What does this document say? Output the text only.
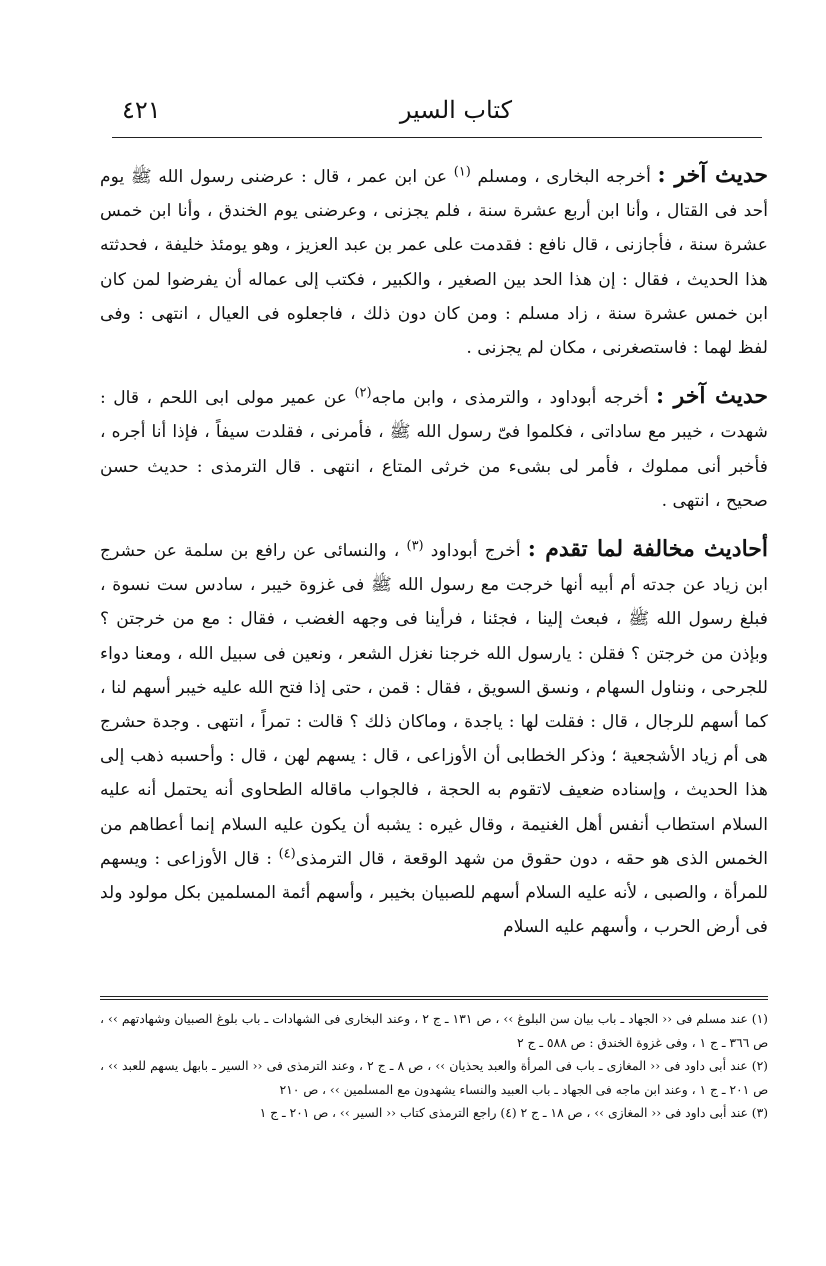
كتاب السير
٤٢١

حديث آخر : أخرجه البخارى ، ومسلم $^{(١)}$ عن ابن عمر ، قال : عرضنى رسول الله ﷺ يوم أحد فى القتال ، وأنا ابن أربع عشرة سنة ، فلم يجزنى ، وعرضنى يوم الخندق ، وأنا ابن خمس عشرة سنة ، فأجازنى ، قال نافع : فقدمت على عمر بن عبد العزيز ، وهو يومئذ خليفة ، فحدثته هذا الحديث ، فقال : إن هذا الحد بين الصغير ، والكبير ، فكتب إلى عماله أن يفرضوا لمن كان ابن خمس عشرة سنة ، زاد مسلم : ومن كان دون ذلك ، فاجعلوه فى العيال ، انتهى : وفى لفظ لهما : فاستصغرنى ، مكان لم يجزنى .

حديث آخر : أخرجه أبوداود ، والترمذى ، وابن ماجه$^{(٢)}$ عن عمير مولى ابى اللحم ، قال : شهدت ، خيبر مع ساداتى ، فكلموا فىّ رسول الله ﷺ ، فأمرنى ، فقلدت سيفاً ، فإذا أنا أجره ، فأخبر أنى مملوك ، فأمر لى بشىء من خرثى المتاع ، انتهى . قال الترمذى : حديث حسن صحيح ، انتهى .

أحاديث مخالفة لما تقدم : أخرج أبوداود $^{(٣)}$ ، والنسائى عن رافع بن سلمة عن حشرج ابن زياد عن جدته أم أبيه أنها خرجت مع رسول الله ﷺ فى غزوة خيبر ، سادس ست نسوة ، فبلغ رسول الله ﷺ ، فبعث إلينا ، فجئنا ، فرأينا فى وجهه الغضب ، فقال : مع من خرجتن ؟ وبإذن من خرجتن ؟ فقلن : يارسول الله خرجنا نغزل الشعر ، ونعين فى سبيل الله ، ومعنا دواء للجرحى ، ونناول السهام ، ونسق السويق ، فقال : قمن ، حتى إذا فتح الله عليه خيبر أسهم لنا ، كما أسهم للرجال ، قال : فقلت لها : ياجدة ، وماكان ذلك ؟ قالت : تمراً ، انتهى . وجدة حشرج هى أم زياد الأشجعية ؛ وذكر الخطابى أن الأوزاعى ، قال : يسهم لهن ، قال : وأحسبه ذهب إلى هذا الحديث ، وإسناده ضعيف لاتقوم به الحجة ، فالجواب ماقاله الطحاوى أنه يحتمل أنه عليه السلام استطاب أنفس أهل الغنيمة ، وقال غيره : يشبه أن يكون عليه السلام إنما أعطاهم من الخمس الذى هو حقه ، دون حقوق من شهد الوقعة ، قال الترمذى$^{(٤)}$ : قال الأوزاعى : ويسهم للمرأة ، والصبى ، لأنه عليه السلام أسهم للصبيان بخيبر ، وأسهم أئمة المسلمين بكل مولود ولد فى أرض الحرب ، وأسهم عليه السلام

(١) عند مسلم فى ‹‹ الجهاد ـ باب بيان سن البلوغ ›› ، ص ١٣١ ـ ج ٢ ، وعند البخارى فى الشهادات ـ باب بلوغ الصبيان وشهادتهم ›› ، ص ٣٦٦ ـ ج ١ ، وفى غزوة الخندق : ص ٥٨٨ ـ ج ٢

(٢) عند أبى داود فى ‹‹ المغازى ـ باب فى المرأة والعبد يحذيان ›› ، ص ٨ ـ ج ٢ ، وعند الترمذى فى ‹‹ السير ـ بابهل يسهم للعبد ›› ، ص ٢٠١ ـ ج ١ ، وعند ابن ماجه فى الجهاد ـ باب العبيد والنساء يشهدون مع المسلمين ›› ، ص ٢١٠

(٣) عند أبى داود فى ‹‹ المغازى ›› ، ص ١٨ ـ ج ٢ (٤) راجع الترمذى كتاب ‹‹ السير ›› ، ص ٢٠١ ـ ج ١
